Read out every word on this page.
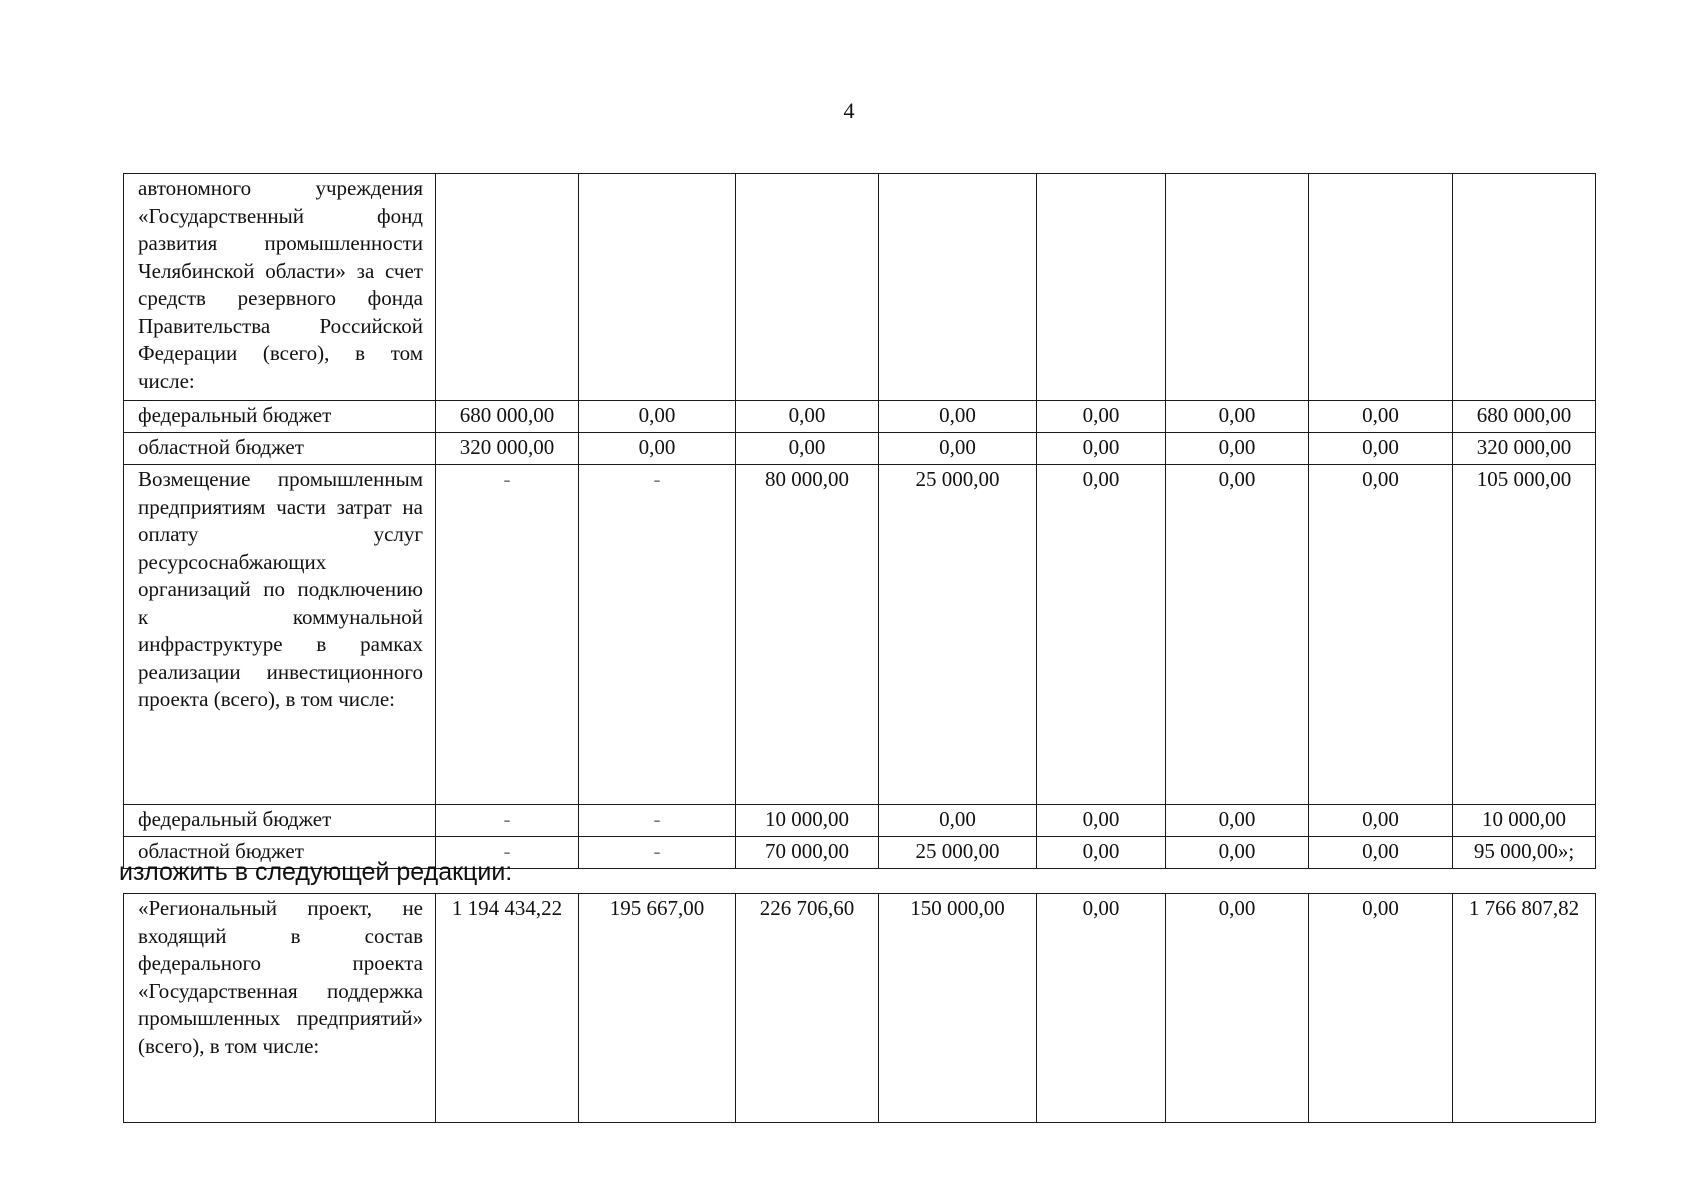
4
автономного учреждения «Государственный фонд развития промышленности Челябинской области» за счет средств резервного фонда Правительства Российской Федерации (всего), в том числе:								
федеральный бюджет	680 000,00	0,00	0,00	0,00	0,00	0,00	0,00	680 000,00
областной бюджет	320 000,00	0,00	0,00	0,00	0,00	0,00	0,00	320 000,00
Возмещение промышленным предприятиям части затрат на оплату услуг ресурсоснабжающих организаций по подключению к коммунальной инфраструктуре в рамках реализации инвестиционного проекта (всего), в том числе:	-	-	80 000,00	25 000,00	0,00	0,00	0,00	105 000,00
федеральный бюджет	-	-	10 000,00	0,00	0,00	0,00	0,00	10 000,00
областной бюджет	-	-	70 000,00	25 000,00	0,00	0,00	0,00	95 000,00»;
изложить в следующей редакции:
«Региональный проект, не входящий в состав федерального проекта «Государственная поддержка промышленных предприятий» (всего), в том числе:	1 194 434,22	195 667,00	226 706,60	150 000,00	0,00	0,00	0,00	1 766 807,82
